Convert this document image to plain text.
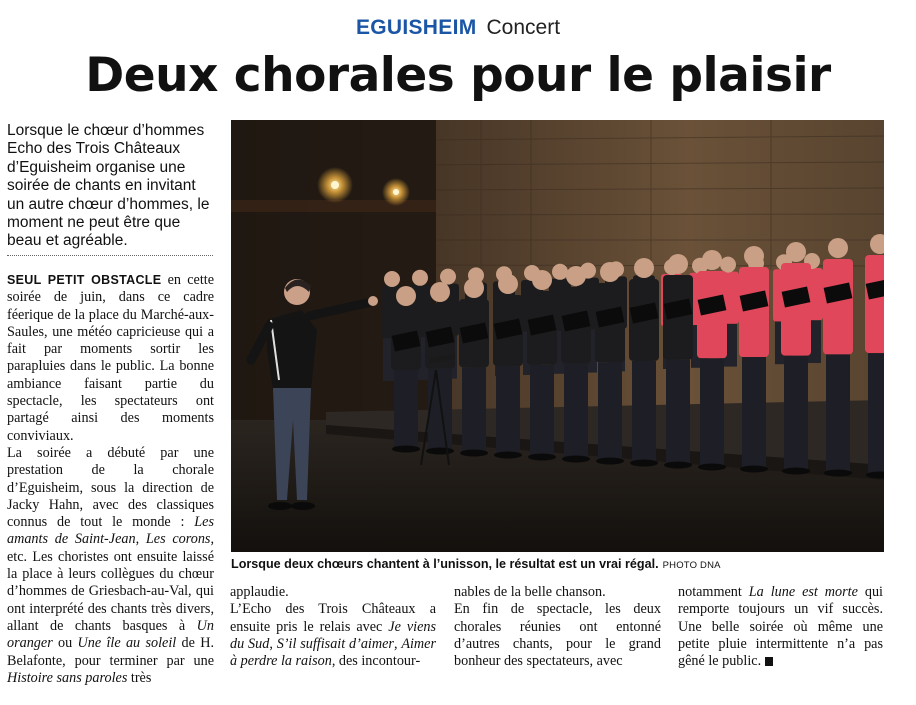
EGUISHEIM Concert
Deux chorales pour le plaisir
Lorsque le chœur d’hommes Echo des Trois Châteaux d’Eguisheim organise une soirée de chants en invitant un autre chœur d’hommes, le moment ne peut être que beau et agréable.

SEUL PETIT OBSTACLE en cette soirée de juin, dans ce cadre féerique de la place du Marché-aux-Saules, une météo capricieuse qui a fait par moments sortir les parapluies dans le public. La bonne ambiance faisant partie du spectacle, les spectateurs ont partagé ainsi des moments conviviaux.

La soirée a débuté par une prestation de la chorale d’Eguisheim, sous la direction de Jacky Hahn, avec des classiques connus de tout le monde : Les amants de Saint-Jean, Les corons, etc. Les choristes ont ensuite laissé la place à leurs collègues du chœur d’hommes de Griesbach-au-Val, qui ont interprété des chants très divers, allant de chants basques à Un oranger ou Une île au soleil de H. Belafonte, pour terminer par une Histoire sans paroles très

Lorsque deux chœurs chantent à l’unisson, le résultat est un vrai régal. PHOTO DNA

applaudie.

L’Echo des Trois Châteaux a ensuite pris le relais avec Je viens du Sud, S’il suffisait d’aimer, Aimer à perdre la raison, des incontour-

nables de la belle chanson.

En fin de spectacle, les deux chorales réunies ont entonné d’autres chants, pour le grand bonheur des spectateurs, avec

notamment La lune est morte qui remporte toujours un vif succès. Une belle soirée où même une petite pluie intermittente n’a pas gêné le public.
